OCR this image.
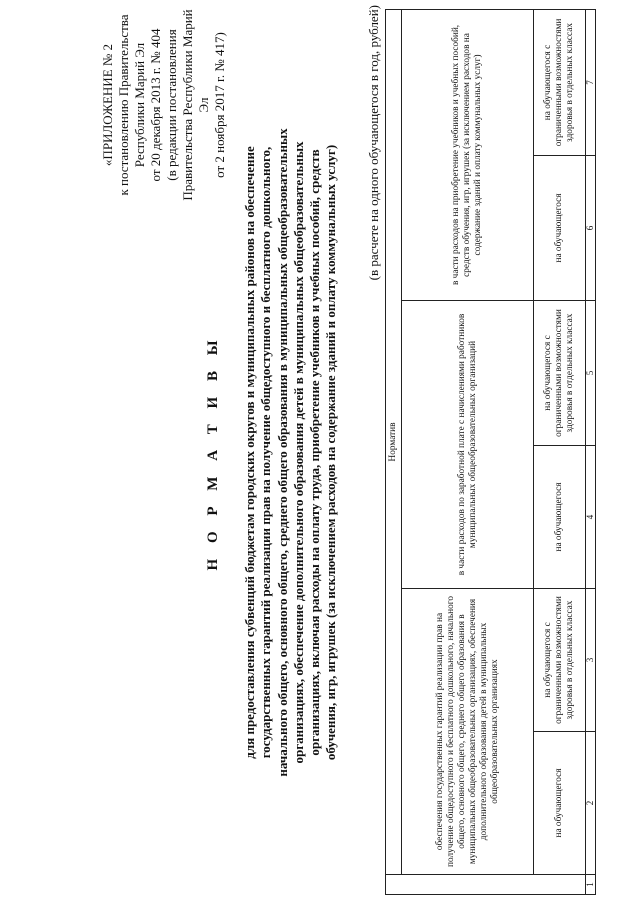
«ПРИЛОЖЕНИЕ № 2 к постановлению Правительства Республики Марий Эл от 20 декабря 2013 г. № 404 (в редакции постановления Правительства Республики Марий Эл от 2 ноября 2017 г. № 417)
Н О Р М А Т И В Ы для предоставления субвенций бюджетам городских округов и муниципальных районов на обеспечение государственных гарантий реализации прав на получение общедоступного и бесплатного дошкольного, начального общего, основного общего, среднего общего образования в муниципальных общеобразовательных организациях, обеспечение дополнительного образования детей в муниципальных общеобразовательных организациях, включая расходы на оплату труда, приобретение учебников и учебных пособий, средств обучения, игр, игрушек (за исключением расходов на содержание зданий и оплату коммунальных услуг)
(в расчете на одного обучающегося в год, рублей)
	Норматив					
	обеспечения государственных гарантий реализации прав на получение общедоступного и бесплатного дошкольного, начального общего, основного общего, среднего общего образования в муниципальных общеобразовательных организациях, обеспечения дополнительного образования детей в муниципальных общеобразовательных организациях		в части расходов по заработной плате с начислениями работников муниципальных общеобразовательных организаций		в части расходов на приобретение учебников и учебных пособий, средств обучения, игр, игрушек (за исключением расходов на содержание зданий и оплату коммунальных услуг)	
	на обучающегося	на обучающегося с ограниченными возможностями здоровья в отдельных классах	на обучающегося	на обучающегося с ограниченными возможностями здоровья в отдельных классах	на обучающегося	на обучающегося с ограниченными возможностями здоровья в отдельных классах
1	2	3	4	5	6	7
